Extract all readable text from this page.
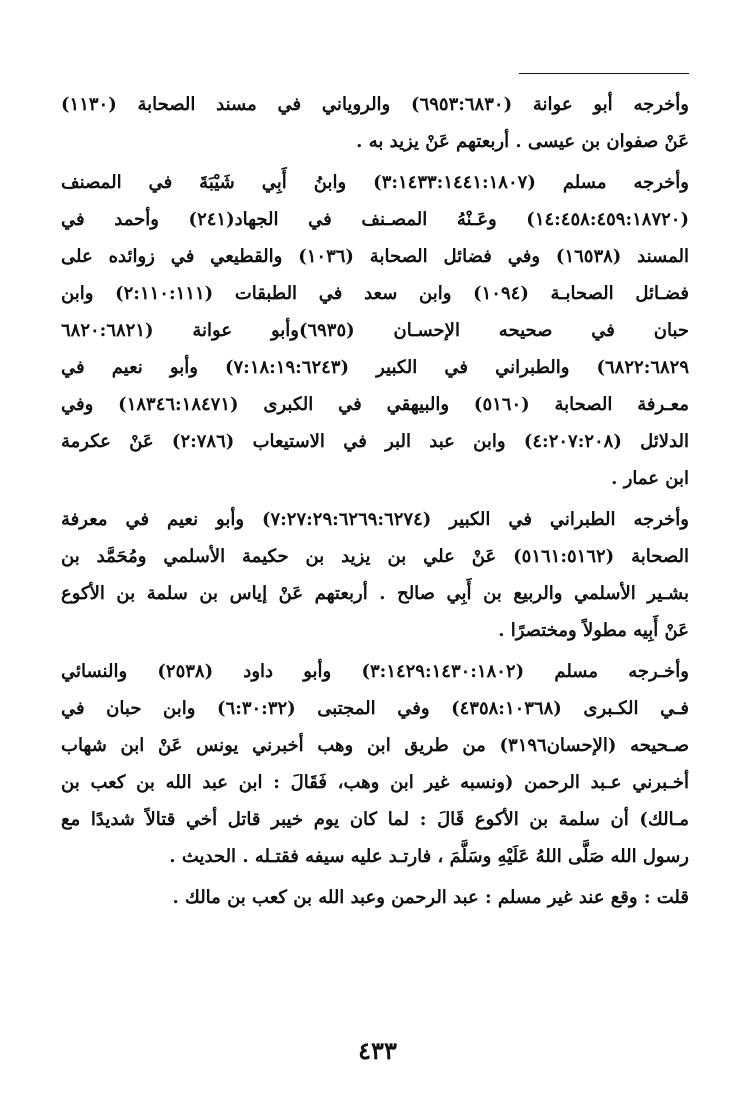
وأخرجه أبو عوانة (٦٩٥٣:٦٨٣٠) والروياني في مسند الصحابة (١١٣٠)
عَنْ صفوان بن عيسى . أربعتهم عَنْ يزيد به .
وأخرجه مسلم (٣:١٤٣٣:١٤٤١:١٨٠٧) وابنُ أَبِي شَيْبَةَ في المصنف
(١٤:٤٥٨:٤٥٩:١٨٧٢٠) وعَـنْهُ المصـنف في الجهاد(٢٤١) وأحمد في
المسند (١٦٥٣٨) وفي فضائل الصحابة (١٠٣٦) والقطيعي في زوائده على
فضـائل الصحابـة (١٠٩٤) وابن سعد في الطبقات (٢:١١٠:١١١) وابن
حبان في صحيحه الإحسـان (٦٩٣٥)وأبو عوانة (٦٨٢٠:٦٨٢١
٦٨٢٢:٦٨٢٩) والطبراني في الكبير (٧:١٨:١٩:٦٢٤٣) وأبو نعيم في
معـرفة الصحابة (٥١٦٠) والبيهقي في الكبرى (١٨٣٤٦:١٨٤٧١) وفي
الدلائل (٤:٢٠٧:٢٠٨) وابن عبد البر في الاستيعاب (٢:٧٨٦) عَنْ عكرمة
ابن عمار .
وأخرجه الطبراني في الكبير (٧:٢٧:٢٩:٦٢٦٩:٦٢٧٤) وأبو نعيم في معرفة
الصحابة (٥١٦١:٥١٦٢) عَنْ علي بن يزيد بن حكيمة الأسلمي ومُحَمَّد بن
بشـير الأسلمي والربيع بن أَبِي صالح . أربعتهم عَنْ إياس بن سلمة بن الأكوع
عَنْ أَبِيه مطولاً ومختصرًا .
وأخـرجه مسلم (٣:١٤٢٩:١٤٣٠:١٨٠٢) وأبو داود (٢٥٣٨) والنسائي
فـي الكـبرى (٤٣٥٨:١٠٣٦٨) وفي المجتبى (٦:٣٠:٣٢) وابن حبان في
صـحيحه (الإحسان٣١٩٦) من طريق ابن وهب أخبرني يونس عَنْ ابن شهاب
أخـبرني عـبد الرحمن (ونسبه غير ابن وهب، فَقَالَ : ابن عبد الله بن كعب بن
مـالك) أن سلمة بن الأكوع قَالَ : لما كان يوم خيبر قاتل أخي قتالاً شديدًا مع
رسول الله صَلَّى اللهُ عَلَيْهِ وسَلَّمَ ، فارتـد عليه سيفه فقتـله . الحديث .
قلت : وقع عند غير مسلم : عبد الرحمن وعبد الله بن كعب بن مالك .
٤٣٣
